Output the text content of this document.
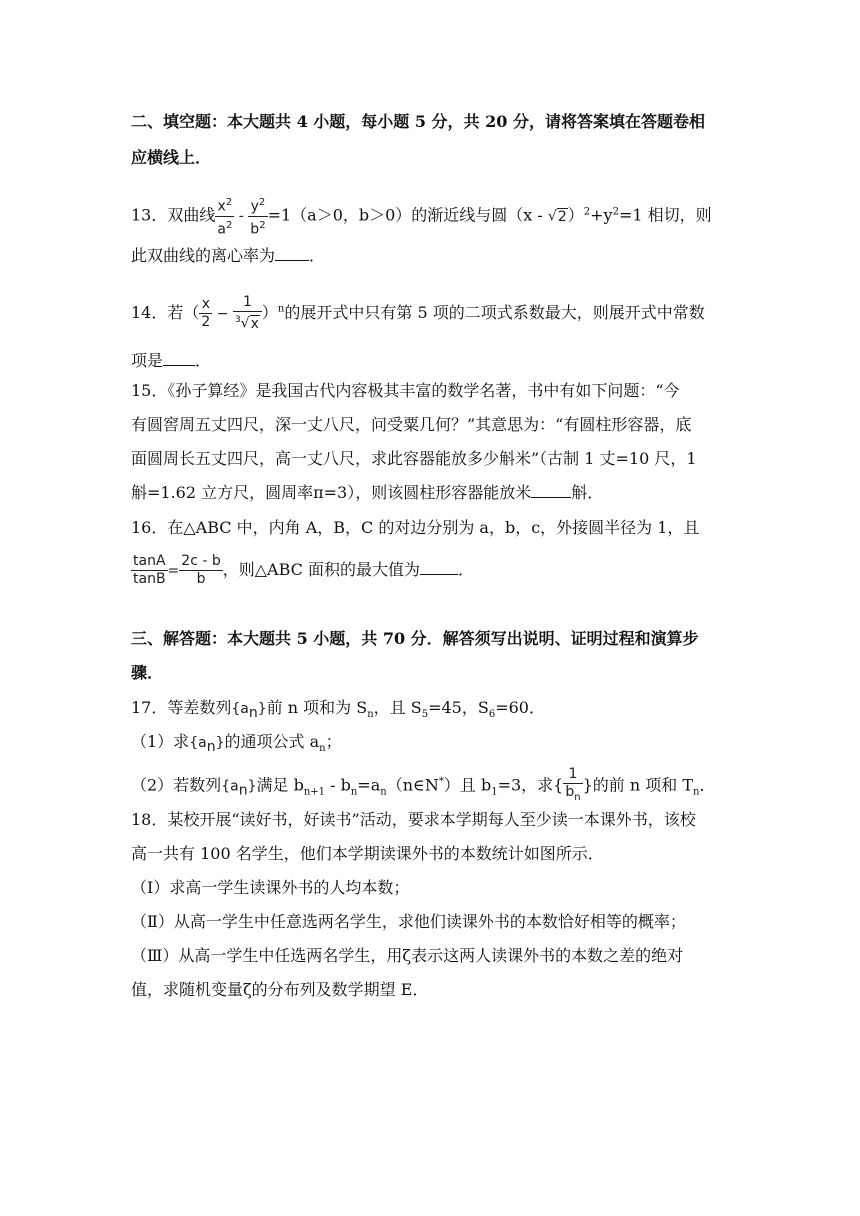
二、填空题：本大题共 4 小题，每小题 5 分，共 20 分，请将答案填在答题卷相
应横线上．
13．双曲线 $\frac{x^2}{a^2} - \frac{y^2}{b^2} =1(a>0$，b＞0）的渐近线与圆$(x - √2)^2+y^2=1$ 相切，则
此双曲线的离心率为 ．
14．若（ $\frac{x}{2} - \frac{1}{^3√x} )^n$的展开式中只有第 5 项的二项式系数最大，则展开式中常数
项是 ．
15．《孙子算经》是我国古代内容极其丰富的数学名著，书中有如下问题：“今
有圆窖周五丈四尺，深一丈八尺，问受粟几何？”其意思为：“有圆柱形容器，底
面圆周长五丈四尺，高一丈八尺，求此容器能放多少斛米”（古制 1 丈=10 尺，1
斛=1.62 立方尺，圆周率π=3），则该圆柱形容器能放米	斛．
16．在△ABC 中，内角 A，B，C 的对边分别为 a，b，c，外接圆半径为 1，且
$\frac{\tan A}{\tan B} = \frac{2c - b}{b}$ ，则△ABC 面积的最大值为 ．
三、解答题：本大题共 5 小题，共 70 分．解答须写出说明、证明过程和演算步
骤．
17．等差数列$\{a_n\}$前 n 项和为 $S_n$，且 $S_5=45$，$S_6=60$．
（1）求$\{a_n\}$的通项公式 $a_n$；
（2）若数列$\{a_n\}$满足 $b_{n+1}$ - $b_n=a_n(n\in N^*)$且 $b_1=3$，求{ $\frac{1}{b_n}$ }的前 n 项和 $T_n$．
18．某校开展“读好书，好读书”活动，要求本学期每人至少读一本课外书，该校
高一共有 100 名学生，他们本学期读课外书的本数统计如图所示．
（Ⅰ）求高一学生读课外书的人均本数；
（Ⅱ）从高一学生中任意选两名学生，求他们读课外书的本数恰好相等的概率；
（Ⅲ）从高一学生中任选两名学生，用ζ表示这两人读课外书的本数之差的绝对
值，求随机变量ζ的分布列及数学期望 E．
